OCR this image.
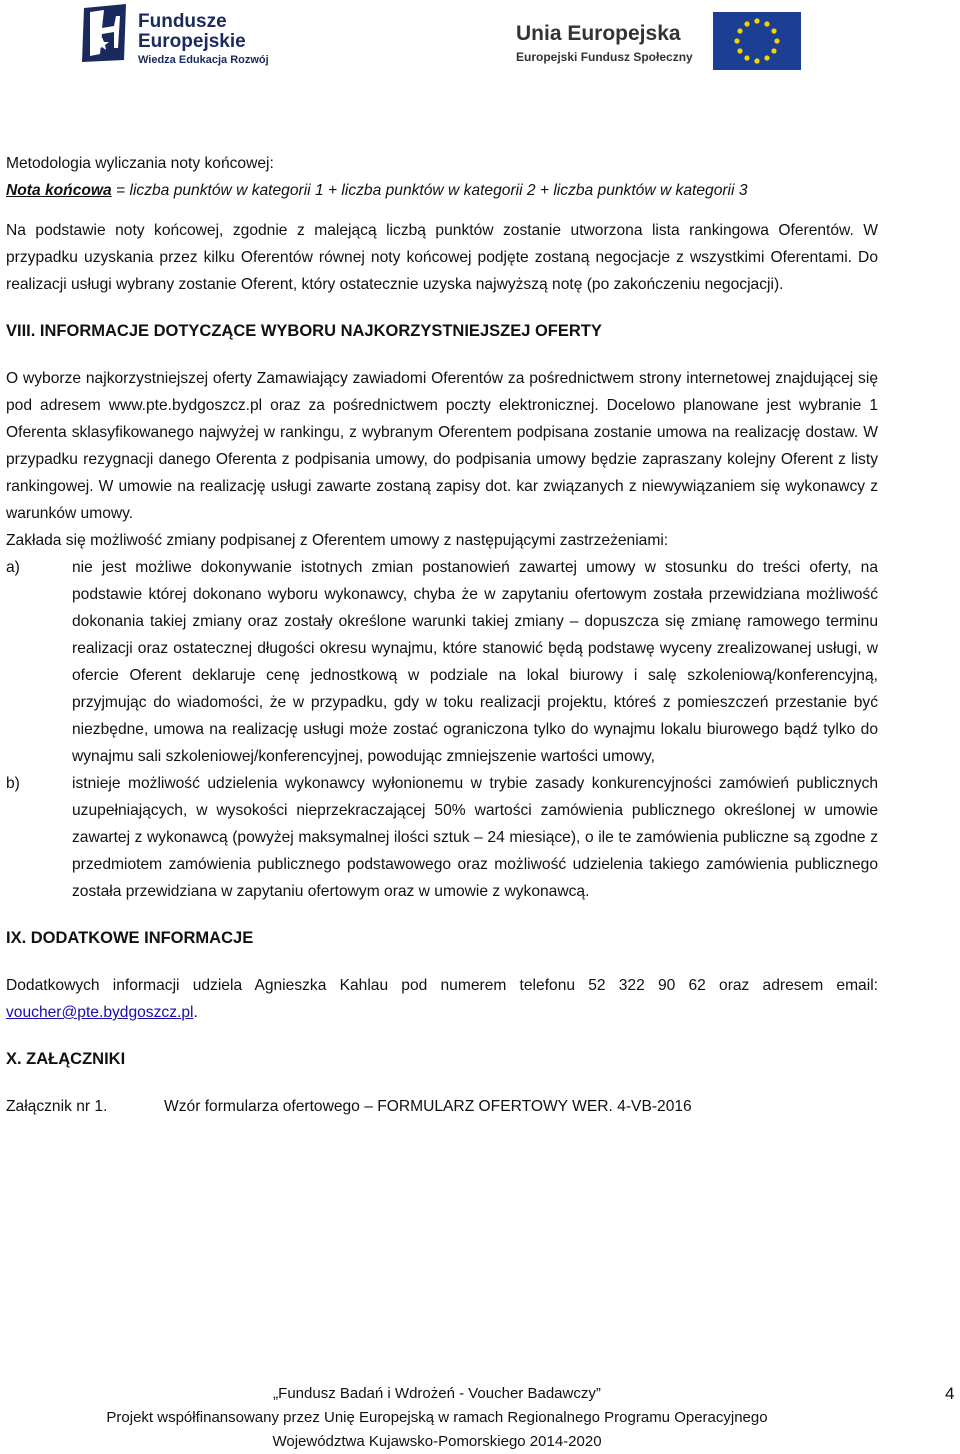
Fundusze
Europejskie
Wiedza Edukacja Rozwój
Unia Europejska
Europejski Fundusz Społeczny

Metodologia wyliczania noty końcowej:

Nota końcowa = liczba punktów w kategorii 1 + liczba punktów w kategorii 2 + liczba punktów w kategorii 3

Na podstawie noty końcowej, zgodnie z malejącą liczbą punktów zostanie utworzona lista rankingowa Oferentów. W przypadku uzyskania przez kilku Oferentów równej noty końcowej podjęte zostaną negocjacje z wszystkimi Oferentami. Do realizacji usługi wybrany zostanie Oferent, który ostatecznie uzyska najwyższą notę (po zakończeniu negocjacji).

VIII. INFORMACJE DOTYCZĄCE WYBORU NAJKORZYSTNIEJSZEJ OFERTY

O wyborze najkorzystniejszej oferty Zamawiający zawiadomi Oferentów za pośrednictwem strony internetowej znajdującej się pod adresem www.pte.bydgoszcz.pl oraz za pośrednictwem poczty elektronicznej. Docelowo planowane jest wybranie 1 Oferenta sklasyfikowanego najwyżej w rankingu, z wybranym Oferentem podpisana zostanie umowa na realizację dostaw. W przypadku rezygnacji danego Oferenta z podpisania umowy, do podpisania umowy będzie zapraszany kolejny Oferent z listy rankingowej. W umowie na realizację usługi zawarte zostaną zapisy dot. kar związanych z niewywiązaniem się wykonawcy z warunków umowy.

Zakłada się możliwość zmiany podpisanej z Oferentem umowy z następującymi zastrzeżeniami:

a)	nie jest możliwe dokonywanie istotnych zmian postanowień zawartej umowy w stosunku do treści oferty, na podstawie której dokonano wyboru wykonawcy, chyba że w zapytaniu ofertowym została przewidziana możliwość dokonania takiej zmiany oraz zostały określone warunki takiej zmiany – dopuszcza się zmianę ramowego terminu realizacji oraz ostatecznej długości okresu wynajmu, które stanowić będą podstawę wyceny zrealizowanej usługi, w ofercie Oferent deklaruje cenę jednostkową w podziale na lokal biurowy i salę szkoleniową/konferencyjną, przyjmując do wiadomości, że w przypadku, gdy w toku realizacji projektu, któreś z pomieszczeń przestanie być niezbędne, umowa na realizację usługi może zostać ograniczona tylko do wynajmu lokalu biurowego bądź tylko do wynajmu sali szkoleniowej/konferencyjnej, powodując zmniejszenie wartości umowy,
b)	istnieje możliwość udzielenia wykonawcy wyłonionemu w trybie zasady konkurencyjności zamówień publicznych uzupełniających, w wysokości nieprzekraczającej 50% wartości zamówienia publicznego określonej w umowie zawartej z wykonawcą (powyżej maksymalnej ilości sztuk – 24 miesiące), o ile te zamówienia publiczne są zgodne z przedmiotem zamówienia publicznego podstawowego oraz możliwość udzielenia takiego zamówienia publicznego została przewidziana w zapytaniu ofertowym oraz w umowie z wykonawcą.

IX. DODATKOWE INFORMACJE

Dodatkowych informacji udziela Agnieszka Kahlau pod numerem telefonu 52 322 90 62 oraz adresem email: voucher@pte.bydgoszcz.pl.

X. ZAŁĄCZNIKI

Załącznik nr 1.	Wzór formularza ofertowego – FORMULARZ OFERTOWY WER. 4-VB-2016
„Fundusz Badań i Wdrożeń - Voucher Badawczy”
Projekt współfinansowany przez Unię Europejską w ramach Regionalnego Programu Operacyjnego
Województwa Kujawsko-Pomorskiego 2014-2020
4
